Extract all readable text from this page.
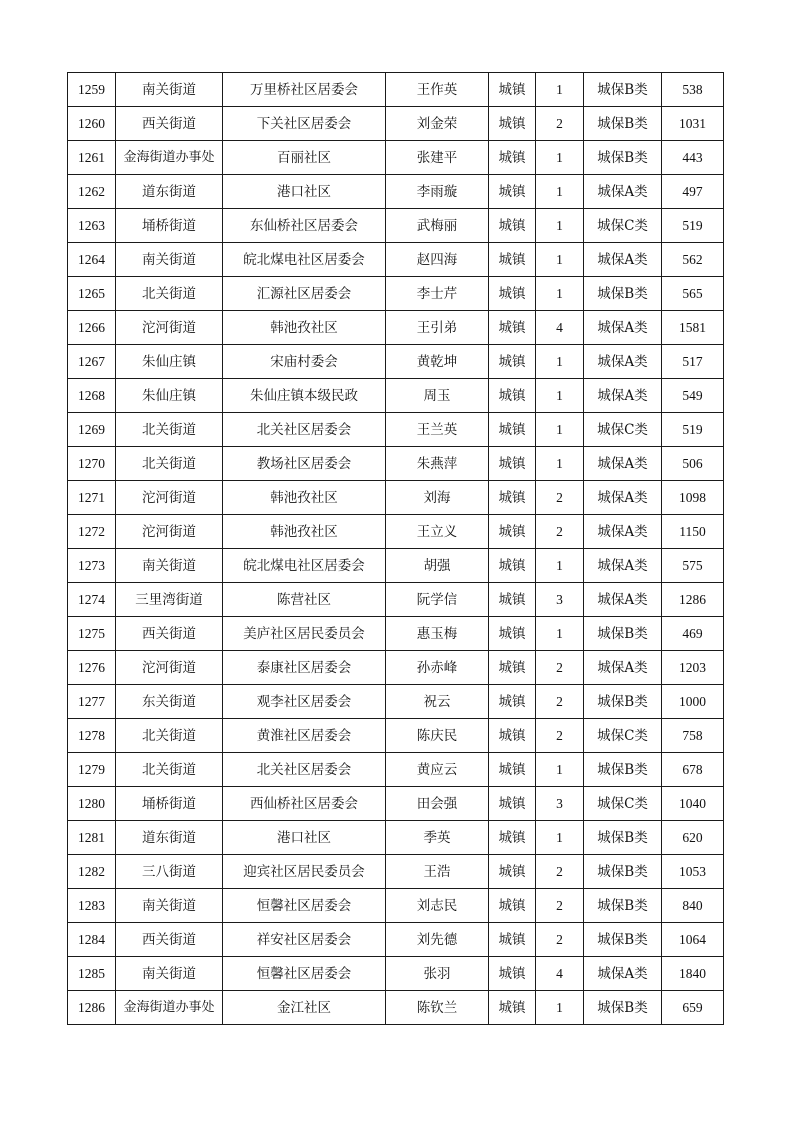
1259	南关街道	万里桥社区居委会	王作英	城镇	1	城保B类	538
1260	西关街道	下关社区居委会	刘金荣	城镇	2	城保B类	1031
1261	金海街道办事处	百丽社区	张建平	城镇	1	城保B类	443
1262	道东街道	港口社区	李雨璇	城镇	1	城保A类	497
1263	埇桥街道	东仙桥社区居委会	武梅丽	城镇	1	城保C类	519
1264	南关街道	皖北煤电社区居委会	赵四海	城镇	1	城保A类	562
1265	北关街道	汇源社区居委会	李士芹	城镇	1	城保B类	565
1266	沱河街道	韩池孜社区	王引弟	城镇	4	城保A类	1581
1267	朱仙庄镇	宋庙村委会	黄乾坤	城镇	1	城保A类	517
1268	朱仙庄镇	朱仙庄镇本级民政	周玉	城镇	1	城保A类	549
1269	北关街道	北关社区居委会	王兰英	城镇	1	城保C类	519
1270	北关街道	教场社区居委会	朱燕萍	城镇	1	城保A类	506
1271	沱河街道	韩池孜社区	刘海	城镇	2	城保A类	1098
1272	沱河街道	韩池孜社区	王立义	城镇	2	城保A类	1150
1273	南关街道	皖北煤电社区居委会	胡强	城镇	1	城保A类	575
1274	三里湾街道	陈营社区	阮学信	城镇	3	城保A类	1286
1275	西关街道	美庐社区居民委员会	惠玉梅	城镇	1	城保B类	469
1276	沱河街道	泰康社区居委会	孙赤峰	城镇	2	城保A类	1203
1277	东关街道	观李社区居委会	祝云	城镇	2	城保B类	1000
1278	北关街道	黄淮社区居委会	陈庆民	城镇	2	城保C类	758
1279	北关街道	北关社区居委会	黄应云	城镇	1	城保B类	678
1280	埇桥街道	西仙桥社区居委会	田会强	城镇	3	城保C类	1040
1281	道东街道	港口社区	季英	城镇	1	城保B类	620
1282	三八街道	迎宾社区居民委员会	王浩	城镇	2	城保B类	1053
1283	南关街道	恒馨社区居委会	刘志民	城镇	2	城保B类	840
1284	西关街道	祥安社区居委会	刘先德	城镇	2	城保B类	1064
1285	南关街道	恒馨社区居委会	张羽	城镇	4	城保A类	1840
1286	金海街道办事处	金江社区	陈钦兰	城镇	1	城保B类	659
